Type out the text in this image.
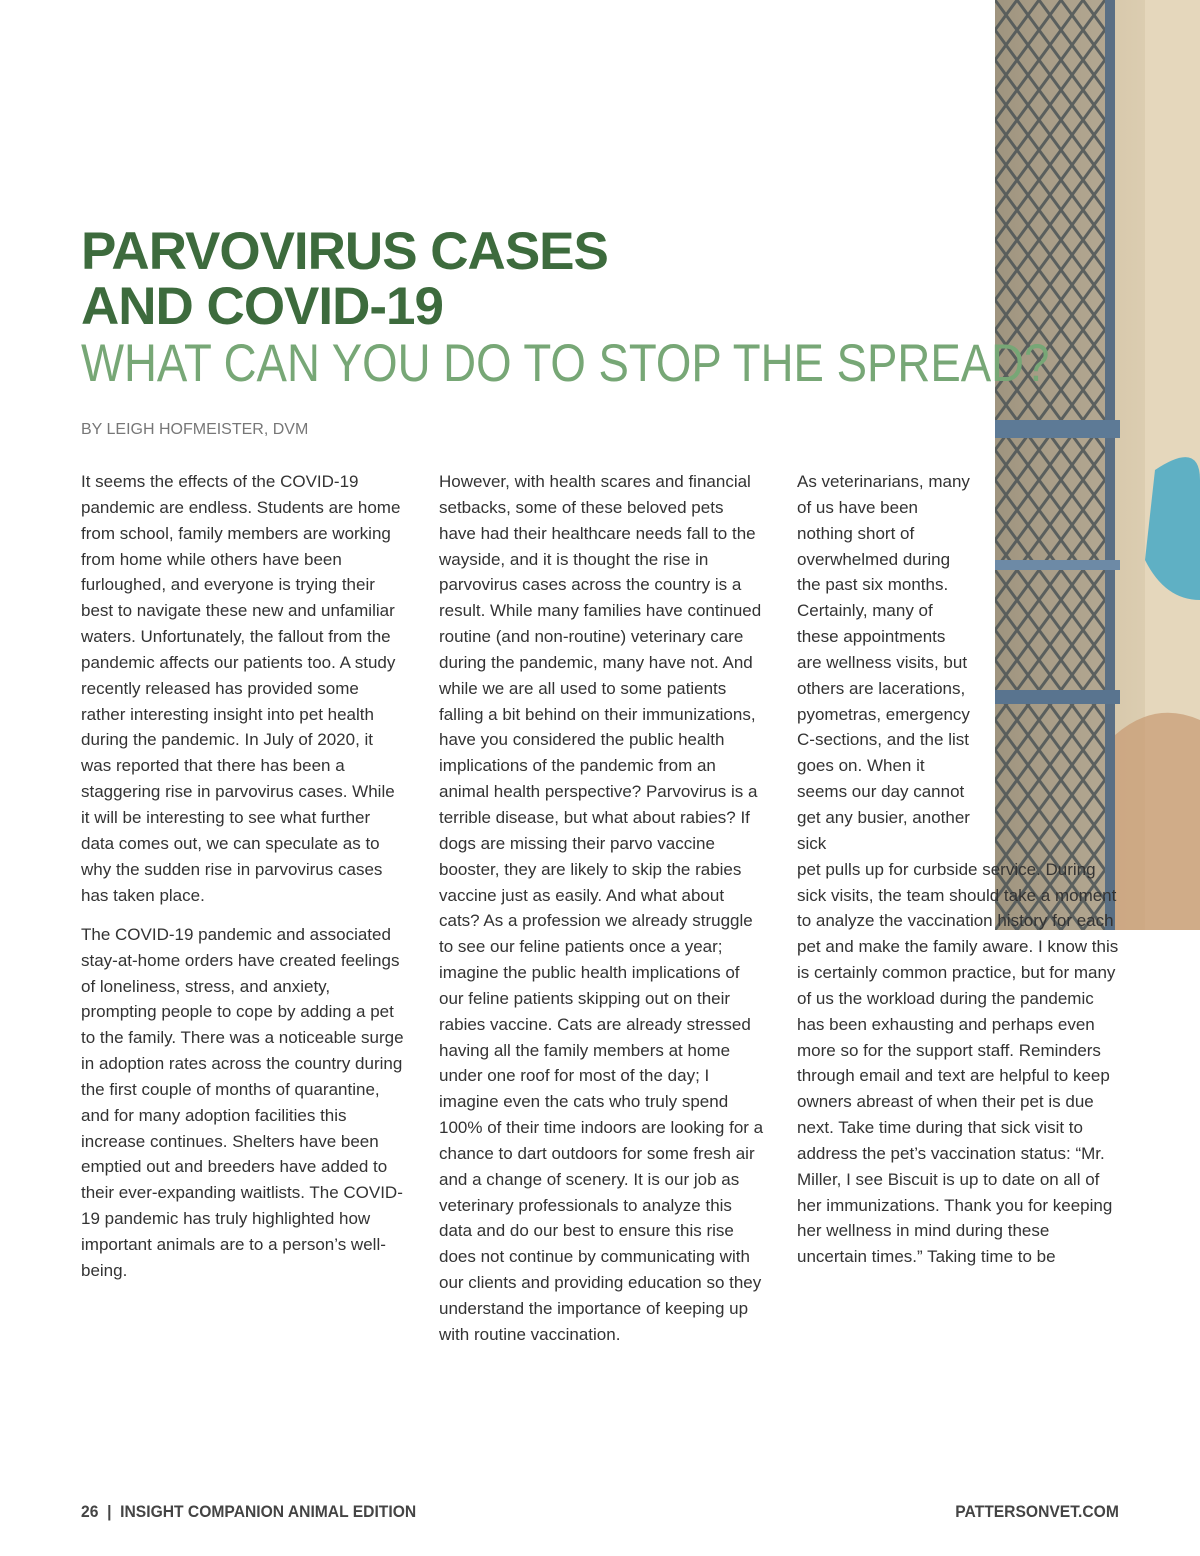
PARVOVIRUS CASES
AND COVID-19
WHAT CAN YOU DO TO STOP THE SPREAD?
BY LEIGH HOFMEISTER, DVM

It seems the effects of the COVID-19 pandemic are endless. Students are home from school, family members are working from home while others have been furloughed, and everyone is trying their best to navigate these new and unfamiliar waters. Unfortunately, the fallout from the pandemic affects our patients too. A study recently released has provided some rather interesting insight into pet health during the pandemic. In July of 2020, it was reported that there has been a staggering rise in parvovirus cases. While it will be interesting to see what further data comes out, we can speculate as to why the sudden rise in parvovirus cases has taken place.

The COVID-19 pandemic and associated stay-at-home orders have created feelings of loneliness, stress, and anxiety, prompting people to cope by adding a pet to the family. There was a noticeable surge in adoption rates across the country during the first couple of months of quarantine, and for many adoption facilities this increase continues. Shelters have been emptied out and breeders have added to their ever-expanding waitlists. The COVID-19 pandemic has truly highlighted how important animals are to a person’s well-being.

However, with health scares and financial setbacks, some of these beloved pets have had their healthcare needs fall to the wayside, and it is thought the rise in parvovirus cases across the country is a result. While many families have continued routine (and non-routine) veterinary care during the pandemic, many have not. And while we are all used to some patients falling a bit behind on their immunizations, have you considered the public health implications of the pandemic from an animal health perspective? Parvovirus is a terrible disease, but what about rabies? If dogs are missing their parvo vaccine booster, they are likely to skip the rabies vaccine just as easily. And what about cats? As a profession we already struggle to see our feline patients once a year; imagine the public health implications of our feline patients skipping out on their rabies vaccine. Cats are already stressed having all the family members at home under one roof for most of the day; I imagine even the cats who truly spend 100% of their time indoors are looking for a chance to dart outdoors for some fresh air and a change of scenery. It is our job as veterinary professionals to analyze this data and do our best to ensure this rise does not continue by communicating with our clients and providing education so they understand the importance of keeping up with routine vaccination.

As veterinarians, many of us have been nothing short of overwhelmed during the past six months. Certainly, many of these appointments are wellness visits, but others are lacerations, pyometras, emergency C-sections, and the list goes on. When it seems our day cannot get any busier, another sick
pet pulls up for curbside service. During sick visits, the team should take a moment to analyze the vaccination history for each pet and make the family aware. I know this is certainly common practice, but for many of us the workload during the pandemic has been exhausting and perhaps even more so for the support staff. Reminders through email and text are helpful to keep owners abreast of when their pet is due next. Take time during that sick visit to address the pet’s vaccination status: “Mr. Miller, I see Biscuit is up to date on all of her immunizations. Thank you for keeping her wellness in mind during these uncertain times.” Taking time to be
26  |  INSIGHT COMPANION ANIMAL EDITION	PATTERSONVET.COM
